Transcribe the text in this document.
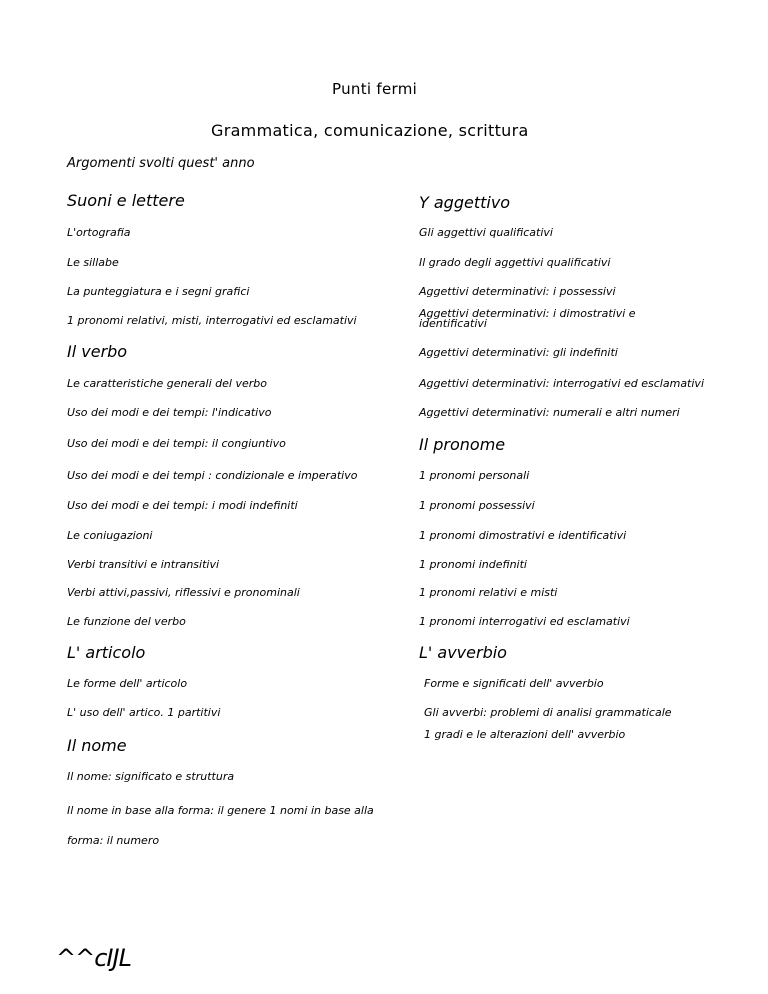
Punti fermi
Grammatica, comunicazione, scrittura
Argomenti svolti quest' anno
Suoni e lettere
L'ortografia
Le sillabe
La punteggiatura e i segni grafici
1 pronomi relativi, misti, interrogativi ed esclamativi
Il verbo
Le caratteristiche generali del verbo
Uso dei modi e dei tempi: l'indicativo
Uso dei modi e dei tempi: il congiuntivo
Uso dei modi e dei tempi : condizionale e imperativo
Uso dei modi e dei tempi: i modi indefiniti
Le coniugazioni
Verbi transitivi e intransitivi
Verbi attivi,passivi, riflessivi e pronominali
Le funzione del verbo
L' articolo
Le forme dell' articolo
L' uso dell' artico. 1 partitivi
Il nome
Il nome: significato e struttura
Il nome in base alla forma: il genere 1 nomi in base alla
forma: il numero
Y aggettivo
Gli aggettivi qualificativi
Il grado degli aggettivi qualificativi
Aggettivi determinativi: i possessivi
Aggettivi determinativi: i dimostrativi e identificativi
Aggettivi determinativi: gli indefiniti
Aggettivi determinativi: interrogativi ed esclamativi
Aggettivi determinativi: numerali e altri numeri
Il pronome
1 pronomi personali
1 pronomi possessivi
1 pronomi dimostrativi e identificativi
1 pronomi indefiniti
1 pronomi relativi e misti
1 pronomi interrogativi ed esclamativi
L' avverbio
Forme e significati dell' avverbio
Gli avverbi: problemi di analisi grammaticale
1 gradi e le alterazioni dell' avverbio
^^cIJL
